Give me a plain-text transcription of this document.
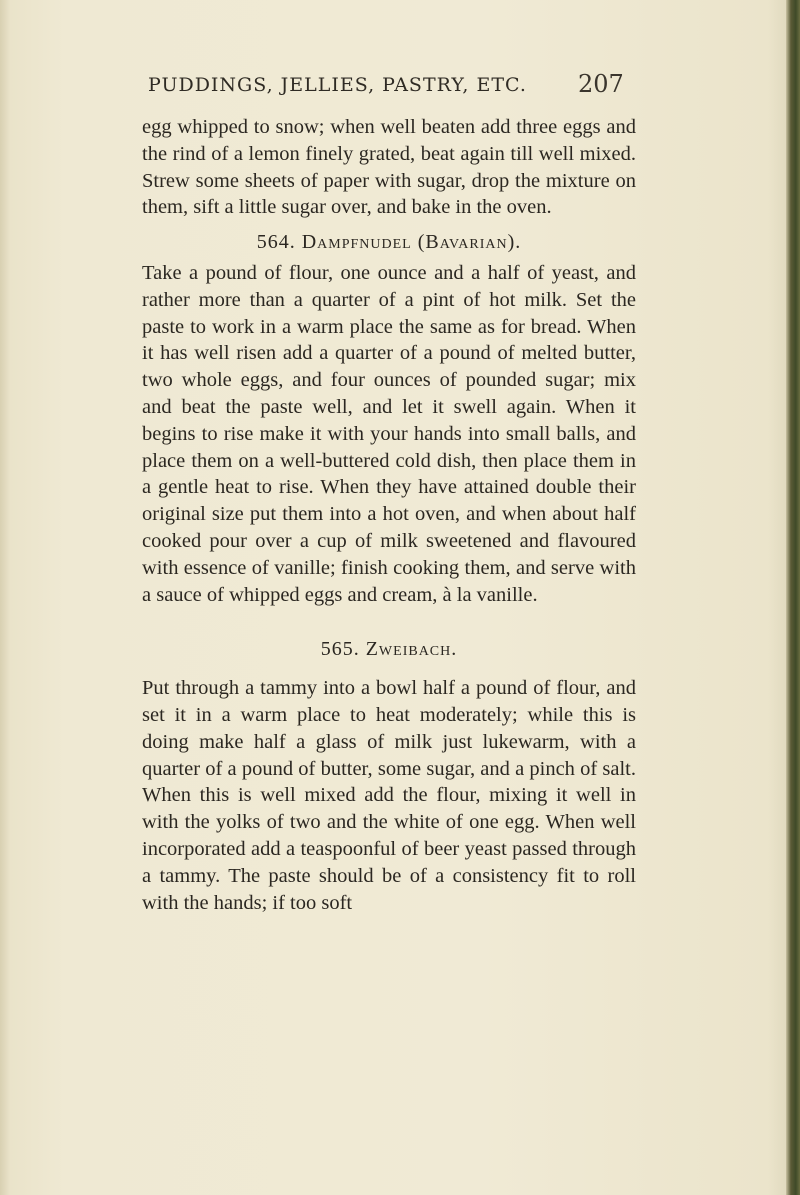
PUDDINGS, JELLIES, PASTRY, ETC.	207

egg whipped to snow; when well beaten add three eggs and the rind of a lemon finely grated, beat again till well mixed. Strew some sheets of paper with sugar, drop the mixture on them, sift a little sugar over, and bake in the oven.

564. Dampfnudel (Bavarian).

Take a pound of flour, one ounce and a half of yeast, and rather more than a quarter of a pint of hot milk. Set the paste to work in a warm place the same as for bread. When it has well risen add a quarter of a pound of melted butter, two whole eggs, and four ounces of pounded sugar; mix and beat the paste well, and let it swell again. When it begins to rise make it with your hands into small balls, and place them on a well-buttered cold dish, then place them in a gentle heat to rise. When they have attained double their original size put them into a hot oven, and when about half cooked pour over a cup of milk sweetened and flavoured with essence of vanille; finish cooking them, and serve with a sauce of whipped eggs and cream, à la vanille.

565. Zweibach.

Put through a tammy into a bowl half a pound of flour, and set it in a warm place to heat moderately; while this is doing make half a glass of milk just lukewarm, with a quarter of a pound of butter, some sugar, and a pinch of salt. When this is well mixed add the flour, mixing it well in with the yolks of two and the white of one egg. When well incorporated add a teaspoonful of beer yeast passed through a tammy. The paste should be of a consistency fit to roll with the hands; if too soft
